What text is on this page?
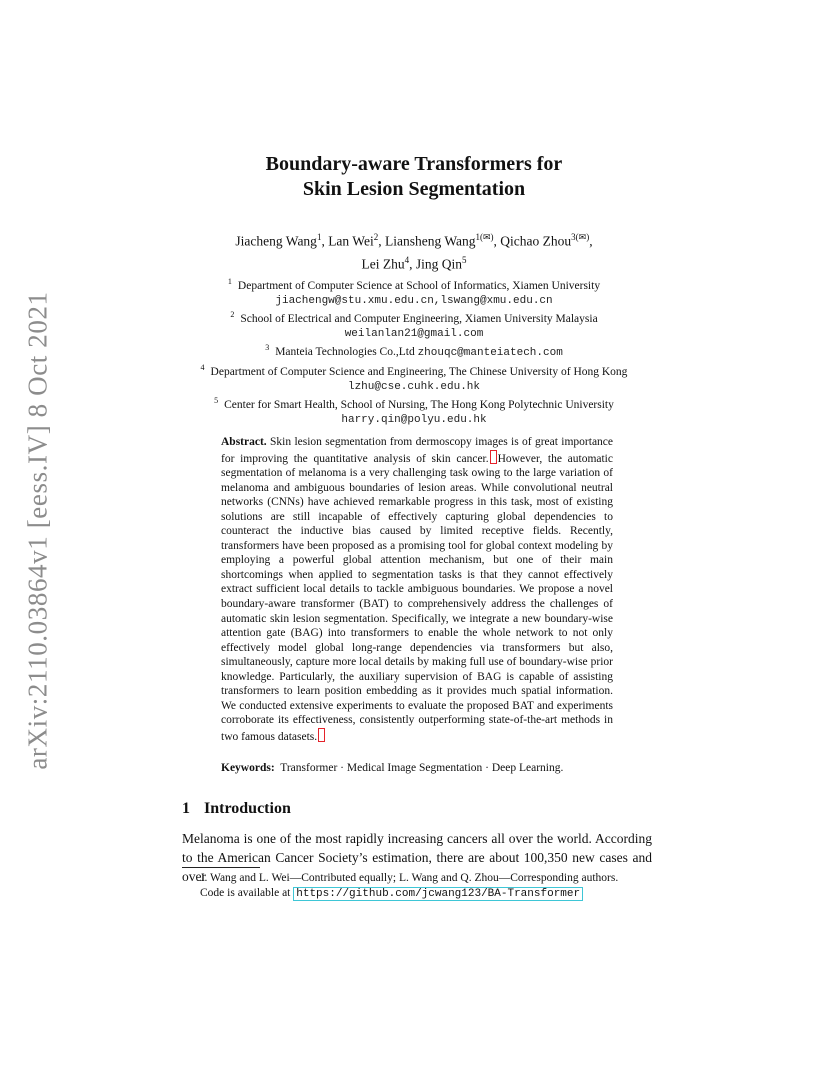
arXiv:2110.03864v1 [eess.IV] 8 Oct 2021
Boundary-aware Transformers for
Skin Lesion Segmentation
Jiacheng Wang$^1$, Lan Wei$^2$, Liansheng Wang$^{1(✉)}$, Qichao Zhou$^{3(✉)}$,
Lei Zhu$^4$, Jing Qin$^5$
$^1$ Department of Computer Science at School of Informatics, Xiamen University
jiachengw@stu.xmu.edu.cn,lswang@xmu.edu.cn
$^2$ School of Electrical and Computer Engineering, Xiamen University Malaysia
weilanlan21@gmail.com
$^3$ Manteia Technologies Co.,Ltd zhouqc@manteiatech.com
$^4$ Department of Computer Science and Engineering, The Chinese University of Hong Kong
lzhu@cse.cuhk.edu.hk
$^5$ Center for Smart Health, School of Nursing, The Hong Kong Polytechnic University
harry.qin@polyu.edu.hk
Abstract. Skin lesion segmentation from dermoscopy images is of great importance for improving the quantitative analysis of skin cancer. However, the automatic segmentation of melanoma is a very challenging task owing to the large variation of melanoma and ambiguous boundaries of lesion areas. While convolutional neutral networks (CNNs) have achieved remarkable progress in this task, most of existing solutions are still incapable of effectively capturing global dependencies to counteract the inductive bias caused by limited receptive fields. Recently, transformers have been proposed as a promising tool for global context modeling by employing a powerful global attention mechanism, but one of their main shortcomings when applied to segmentation tasks is that they cannot effectively extract sufficient local details to tackle ambiguous boundaries. We propose a novel boundary-aware transformer (BAT) to comprehensively address the challenges of automatic skin lesion segmentation. Specifically, we integrate a new boundary-wise attention gate (BAG) into transformers to enable the whole network to not only effectively model global long-range dependencies via transformers but also, simultaneously, capture more local details by making full use of boundary-wise prior knowledge. Particularly, the auxiliary supervision of BAG is capable of assisting transformers to learn position embedding as it provides much spatial information. We conducted extensive experiments to evaluate the proposed BAT and experiments corroborate its effectiveness, consistently outperforming state-of-the-art methods in two famous datasets.
Keywords: Transformer · Medical Image Segmentation · Deep Learning.
1 Introduction
Melanoma is one of the most rapidly increasing cancers all over the world. According to the American Cancer Society’s estimation, there are about 100,350 new cases and over
J. Wang and L. Wei—Contributed equally; L. Wang and Q. Zhou—Corresponding authors.
Code is available at https://github.com/jcwang123/BA-Transformer
